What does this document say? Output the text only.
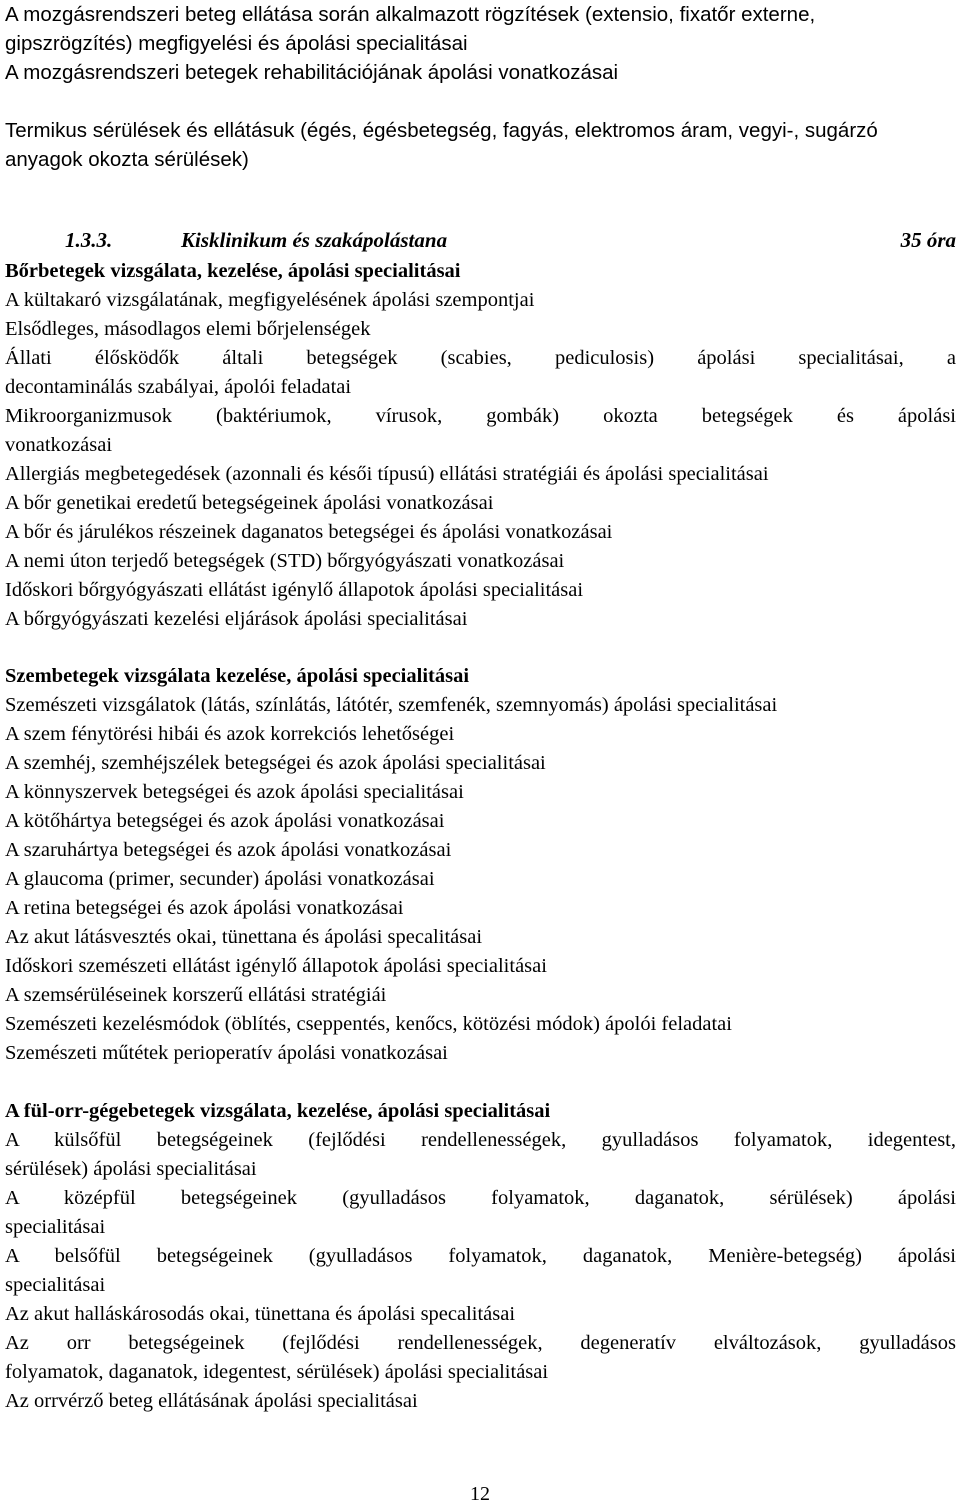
A mozgásrendszeri beteg ellátása során alkalmazott rögzítések (extensio, fixatőr externe,

gipszrögzítés) megfigyelési és ápolási specialitásai

A mozgásrendszeri betegek rehabilitációjának ápolási vonatkozásai

Termikus sérülések és ellátásuk (égés, égésbetegség, fagyás, elektromos áram, vegyi-, sugárzó

anyagok okozta sérülések)

1.3.3.	Kisklinikum és szakápolástana	35 óra

Bőrbetegek vizsgálata, kezelése, ápolási specialitásai

A kültakaró vizsgálatának, megfigyelésének ápolási szempontjai

Elsődleges, másodlagos elemi bőrjelenségek

Állati élősködők általi betegségek (scabies, pediculosis) ápolási specialitásai, a

decontaminálás szabályai, ápolói feladatai

Mikroorganizmusok (baktériumok, vírusok, gombák) okozta betegségek és ápolási

vonatkozásai

Allergiás megbetegedések (azonnali és késői típusú) ellátási stratégiái és ápolási specialitásai

A bőr genetikai eredetű betegségeinek ápolási vonatkozásai

A bőr és járulékos részeinek daganatos betegségei és ápolási vonatkozásai

A nemi úton terjedő betegségek (STD) bőrgyógyászati vonatkozásai

Időskori bőrgyógyászati ellátást igénylő állapotok ápolási specialitásai

A bőrgyógyászati kezelési eljárások ápolási specialitásai

Szembetegek vizsgálata kezelése, ápolási specialitásai

Szemészeti vizsgálatok (látás, színlátás, látótér, szemfenék, szemnyomás) ápolási specialitásai

A szem fénytörési hibái és azok korrekciós lehetőségei

A szemhéj, szemhéjszélek betegségei és azok ápolási specialitásai

A könnyszervek betegségei és azok ápolási specialitásai

A kötőhártya betegségei és azok ápolási vonatkozásai

A szaruhártya betegségei és azok ápolási vonatkozásai

A glaucoma (primer, secunder) ápolási vonatkozásai

A retina betegségei és azok ápolási vonatkozásai

Az akut látásvesztés okai, tünettana és ápolási specalitásai

Időskori szemészeti ellátást igénylő állapotok ápolási specialitásai

A szemsérüléseinek korszerű ellátási stratégiái

Szemészeti kezelésmódok (öblítés, cseppentés, kenőcs, kötözési módok) ápolói feladatai

Szemészeti műtétek perioperatív ápolási vonatkozásai

A fül-orr-gégebetegek vizsgálata, kezelése, ápolási specialitásai

A külsőfül betegségeinek (fejlődési rendellenességek, gyulladásos folyamatok, idegentest,

sérülések) ápolási specialitásai

A középfül betegségeinek (gyulladásos folyamatok, daganatok, sérülések) ápolási

specialitásai

A belsőfül betegségeinek (gyulladásos folyamatok, daganatok, Menière-betegség) ápolási

specialitásai

Az akut halláskárosodás okai, tünettana és ápolási specalitásai

Az orr betegségeinek (fejlődési rendellenességek, degeneratív elváltozások, gyulladásos

folyamatok, daganatok, idegentest, sérülések) ápolási specialitásai

Az orrvérző beteg ellátásának ápolási specialitásai

12
